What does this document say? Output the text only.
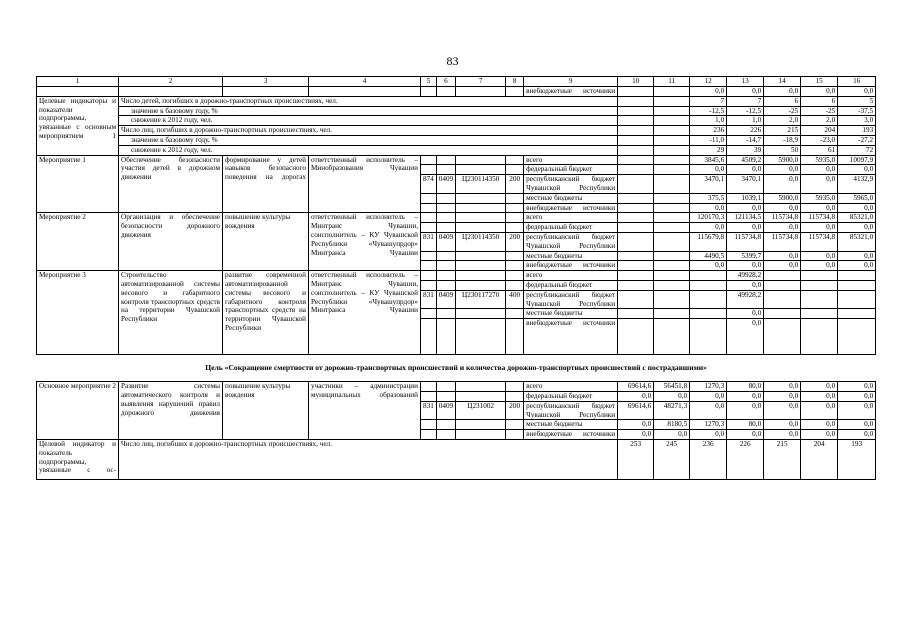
83
1	2	3	4	5	6	7	8	9	10	11	12	13	14	15	16
								внебюджетные источники			0,0	0,0	0,0	0,0	0,0
Целевые индикаторы и показатели подпрограммы, увязанные с основным мероприятием 1	Число детей, погибших в дорожно-транспортных происшествиях, чел.										7	7	6	6	5
	значение к базовому году, %										-12,5	-12,5	-25	-25	-37,5
	снижение к 2012 году, чел.										1,0	1,0	2,0	2,0	3,0
	Число лиц, погибших в дорожно-транспортных происшествиях, чел.										236	226	215	204	193
	значение к базовому году, %										-11,0	-14,7	-18,9	-23,0	-27,2
	снижение к 2012 году, чел.										29	39	50	61	72
Мероприятие 1	Обеспечение безопасности участия детей в дорожном движении	формирование у детей навыков безопасного поведения на дорогах	ответственный исполнитель – Минобразования Чувашии					всего			3845,6	4509,2	5900,0	5935,0	10097,9
								федеральный бюджет			0,0	0,0	0,0	0,0	0,0
				874	0409	Ц230114350	200	республиканский бюджет Чувашской Республики			3470,1	3470,1	0,0	0,0	4132,9
								местные бюджеты			375,5	1039,1	5900,0	5935,0	5965,0
								внебюджетные источники			0,0	0,0	0,0	0,0	0,0
Мероприятие 2	Организация и обеспечение безопасности дорожного движения	повышение культуры вождения	ответственный исполнитель – Минтранс Чувашии, соисполнитель – КУ Чувашской Республики «Чувашупрдор» Минтранса Чувашии					всего			120170,3	121134,5	115734,8	115734,8	85321,0
								федеральный бюджет			0,0	0,0	0,0	0,0	0,0
				831	0409	Ц230114350	200	республиканский бюджет Чувашской Республики			115679,8	115734,8	115734,8	115734,8	85321,0
								местные бюджеты			4490,5	5399,7	0,0	0,0	0,0
								внебюджетные источники			0,0	0,0	0,0	0,0	0,0
Мероприятие 3	Строительство автоматизированной системы весового и габаритного контроля транспортных средств на территории Чувашской Республики	развитие современной автоматизированной системы весового и габаритного контроля транспортных средств на территории Чувашской Республики	ответственный исполнитель – Минтранс Чувашии, соисполнитель – КУ Чувашской Республики «Чувашупрдор» Минтранса Чувашии					всего				49928,2			
								федеральный бюджет				0,0			
				831	0409	Ц230117270	400	республиканский бюджет Чувашской Республики				49928,2			
								местные бюджеты				0,0			
								внебюджетные источники				0,0			
Цель «Сокращение смертности от дорожно-транспортных происшествий и количества дорожно-транспортных происшествий с пострадавшими»															
Основное мероприятие 2	Развитие системы автоматического контроля и выявления нарушений правил дорожного движения	повышение культуры вождения	участники – администрации муниципальных образований					всего	69614,6	56451,8	1270,3	80,0	0,0	0,0	0,0
								федеральный бюджет	0,0	0,0	0,0	0,0	0,0	0,0	0,0
				831	0409	Ц231002	200	республиканский бюджет Чувашской Республики	69614,6	48271,3	0,0	0,0	0,0	0,0	0,0
								местные бюджеты	0,0	8180,5	1270,3	80,0	0,0	0,0	0,0
								внебюджетные источники	0,0	0,0	0,0	0,0	0,0	0,0	0,0
Целевой индикатор и показатель подпрограммы, увязанные с ос-	Число лиц, погибших в дорожно-транспортных происшествиях, чел.								253	245	236	226	215	204	193
